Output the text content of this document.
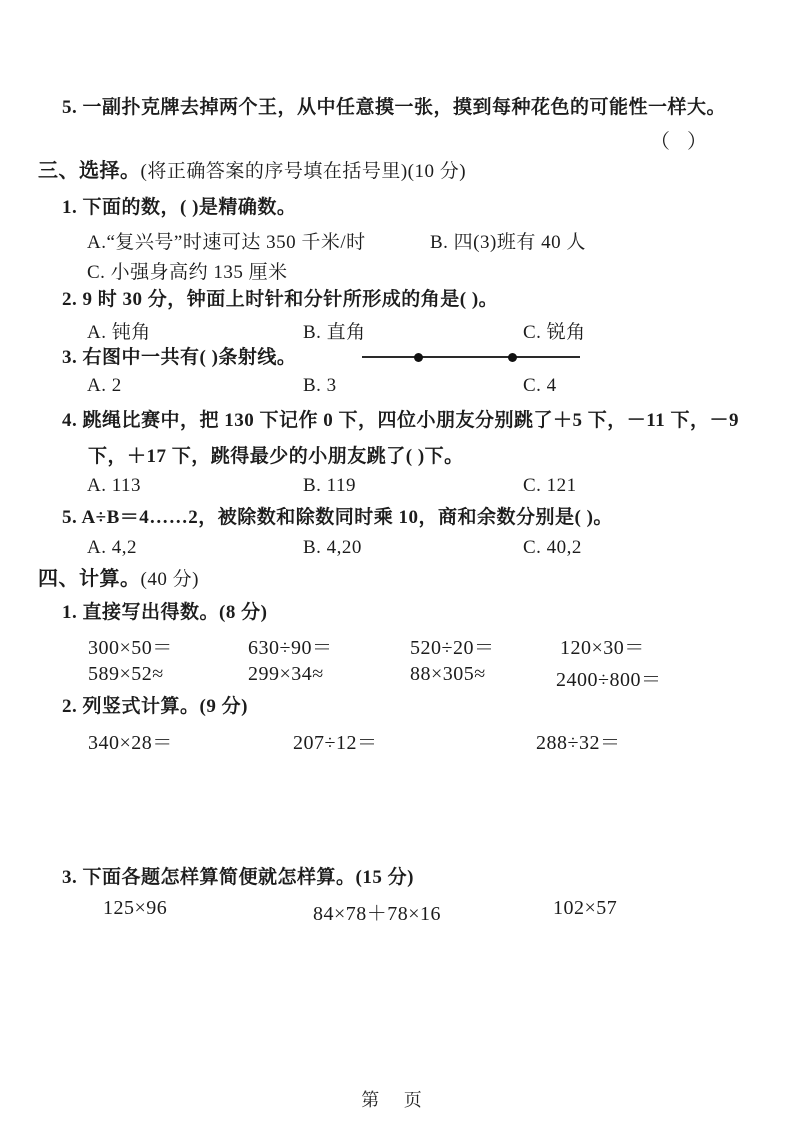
5. 一副扑克牌去掉两个王，从中任意摸一张，摸到每种花色的可能性一样大。
（ ）
三、选择。(将正确答案的序号填在括号里)(10 分)
1. 下面的数，( )是精确数。
A.“复兴号”时速可达 350 千米/时	B. 四(3)班有 40 人
C. 小强身高约 135 厘米
2. 9 时 30 分，钟面上时针和分针所形成的角是( )。
A. 钝角	B. 直角	C. 锐角
3. 右图中一共有( )条射线。
A. 2	B. 3	C. 4
4. 跳绳比赛中，把 130 下记作 0 下，四位小朋友分别跳了＋5 下，－11 下，－9
下，＋17 下，跳得最少的小朋友跳了( )下。
A. 113	B. 119	C. 121
5. A÷B＝4……2，被除数和除数同时乘 10，商和余数分别是( )。
A. 4,2	B. 4,20	C. 40,2
四、计算。(40 分)
1. 直接写出得数。(8 分)
300×50＝	630÷90＝	520÷20＝	120×30＝
589×52≈	299×34≈	88×305≈	2400÷800＝
2. 列竖式计算。(9 分)
340×28＝	207÷12＝	288÷32＝
3. 下面各题怎样算简便就怎样算。(15 分)
125×96	84×78＋78×16	102×57
第 页
